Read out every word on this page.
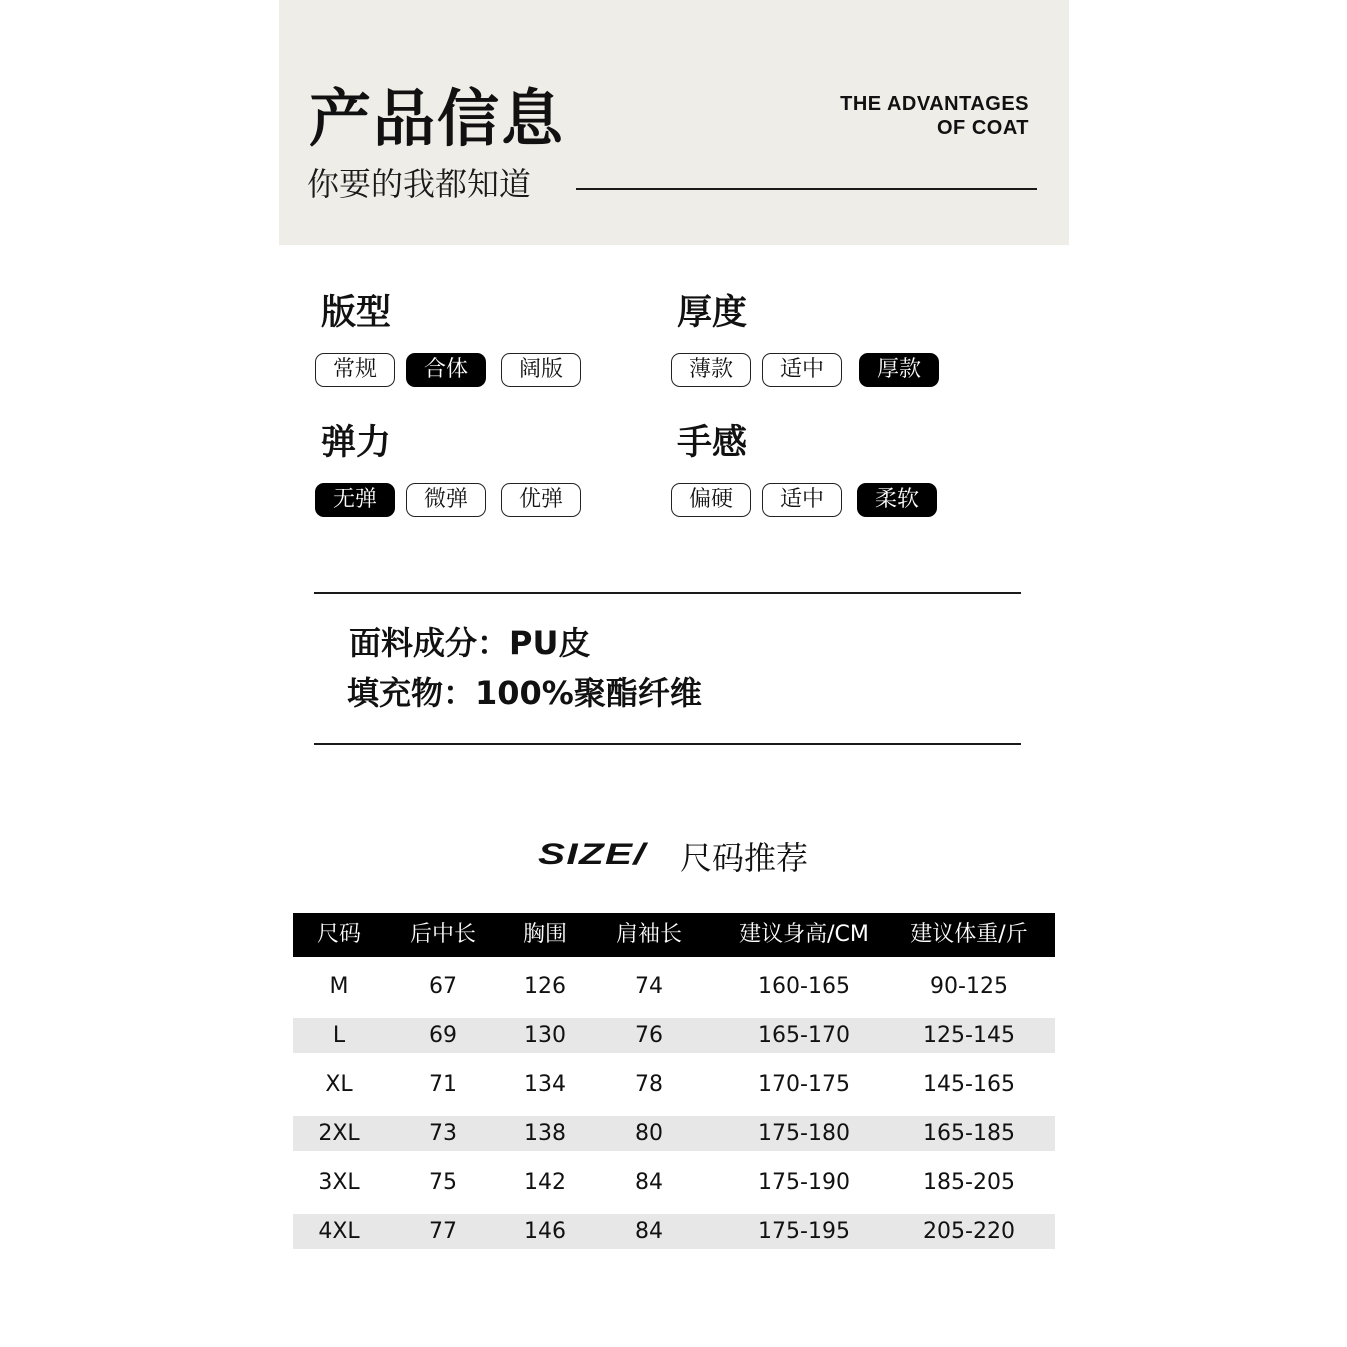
产品信息
你要的我都知道
THE ADVANTAGES
OF COAT
版型
常规	合体	阔版
厚度
薄款	适中	厚款
弹力
无弹	微弹	优弹
手感
偏硬	适中	柔软
面料成分：PU皮
填充物：100%聚酯纤维
SIZE/ 尺码推荐
尺码 后中长 胸围 肩袖长	建议身高/CM 建议体重/斤
M	67	126	74	160-165	90-125
L	69	130	76	165-170	125-145
XL	71	134	78	170-175	145-165
2XL	73	138	80	175-180	165-185
3XL	75	142	84	175-190	185-205
4XL	77	146	84	175-195	205-220
